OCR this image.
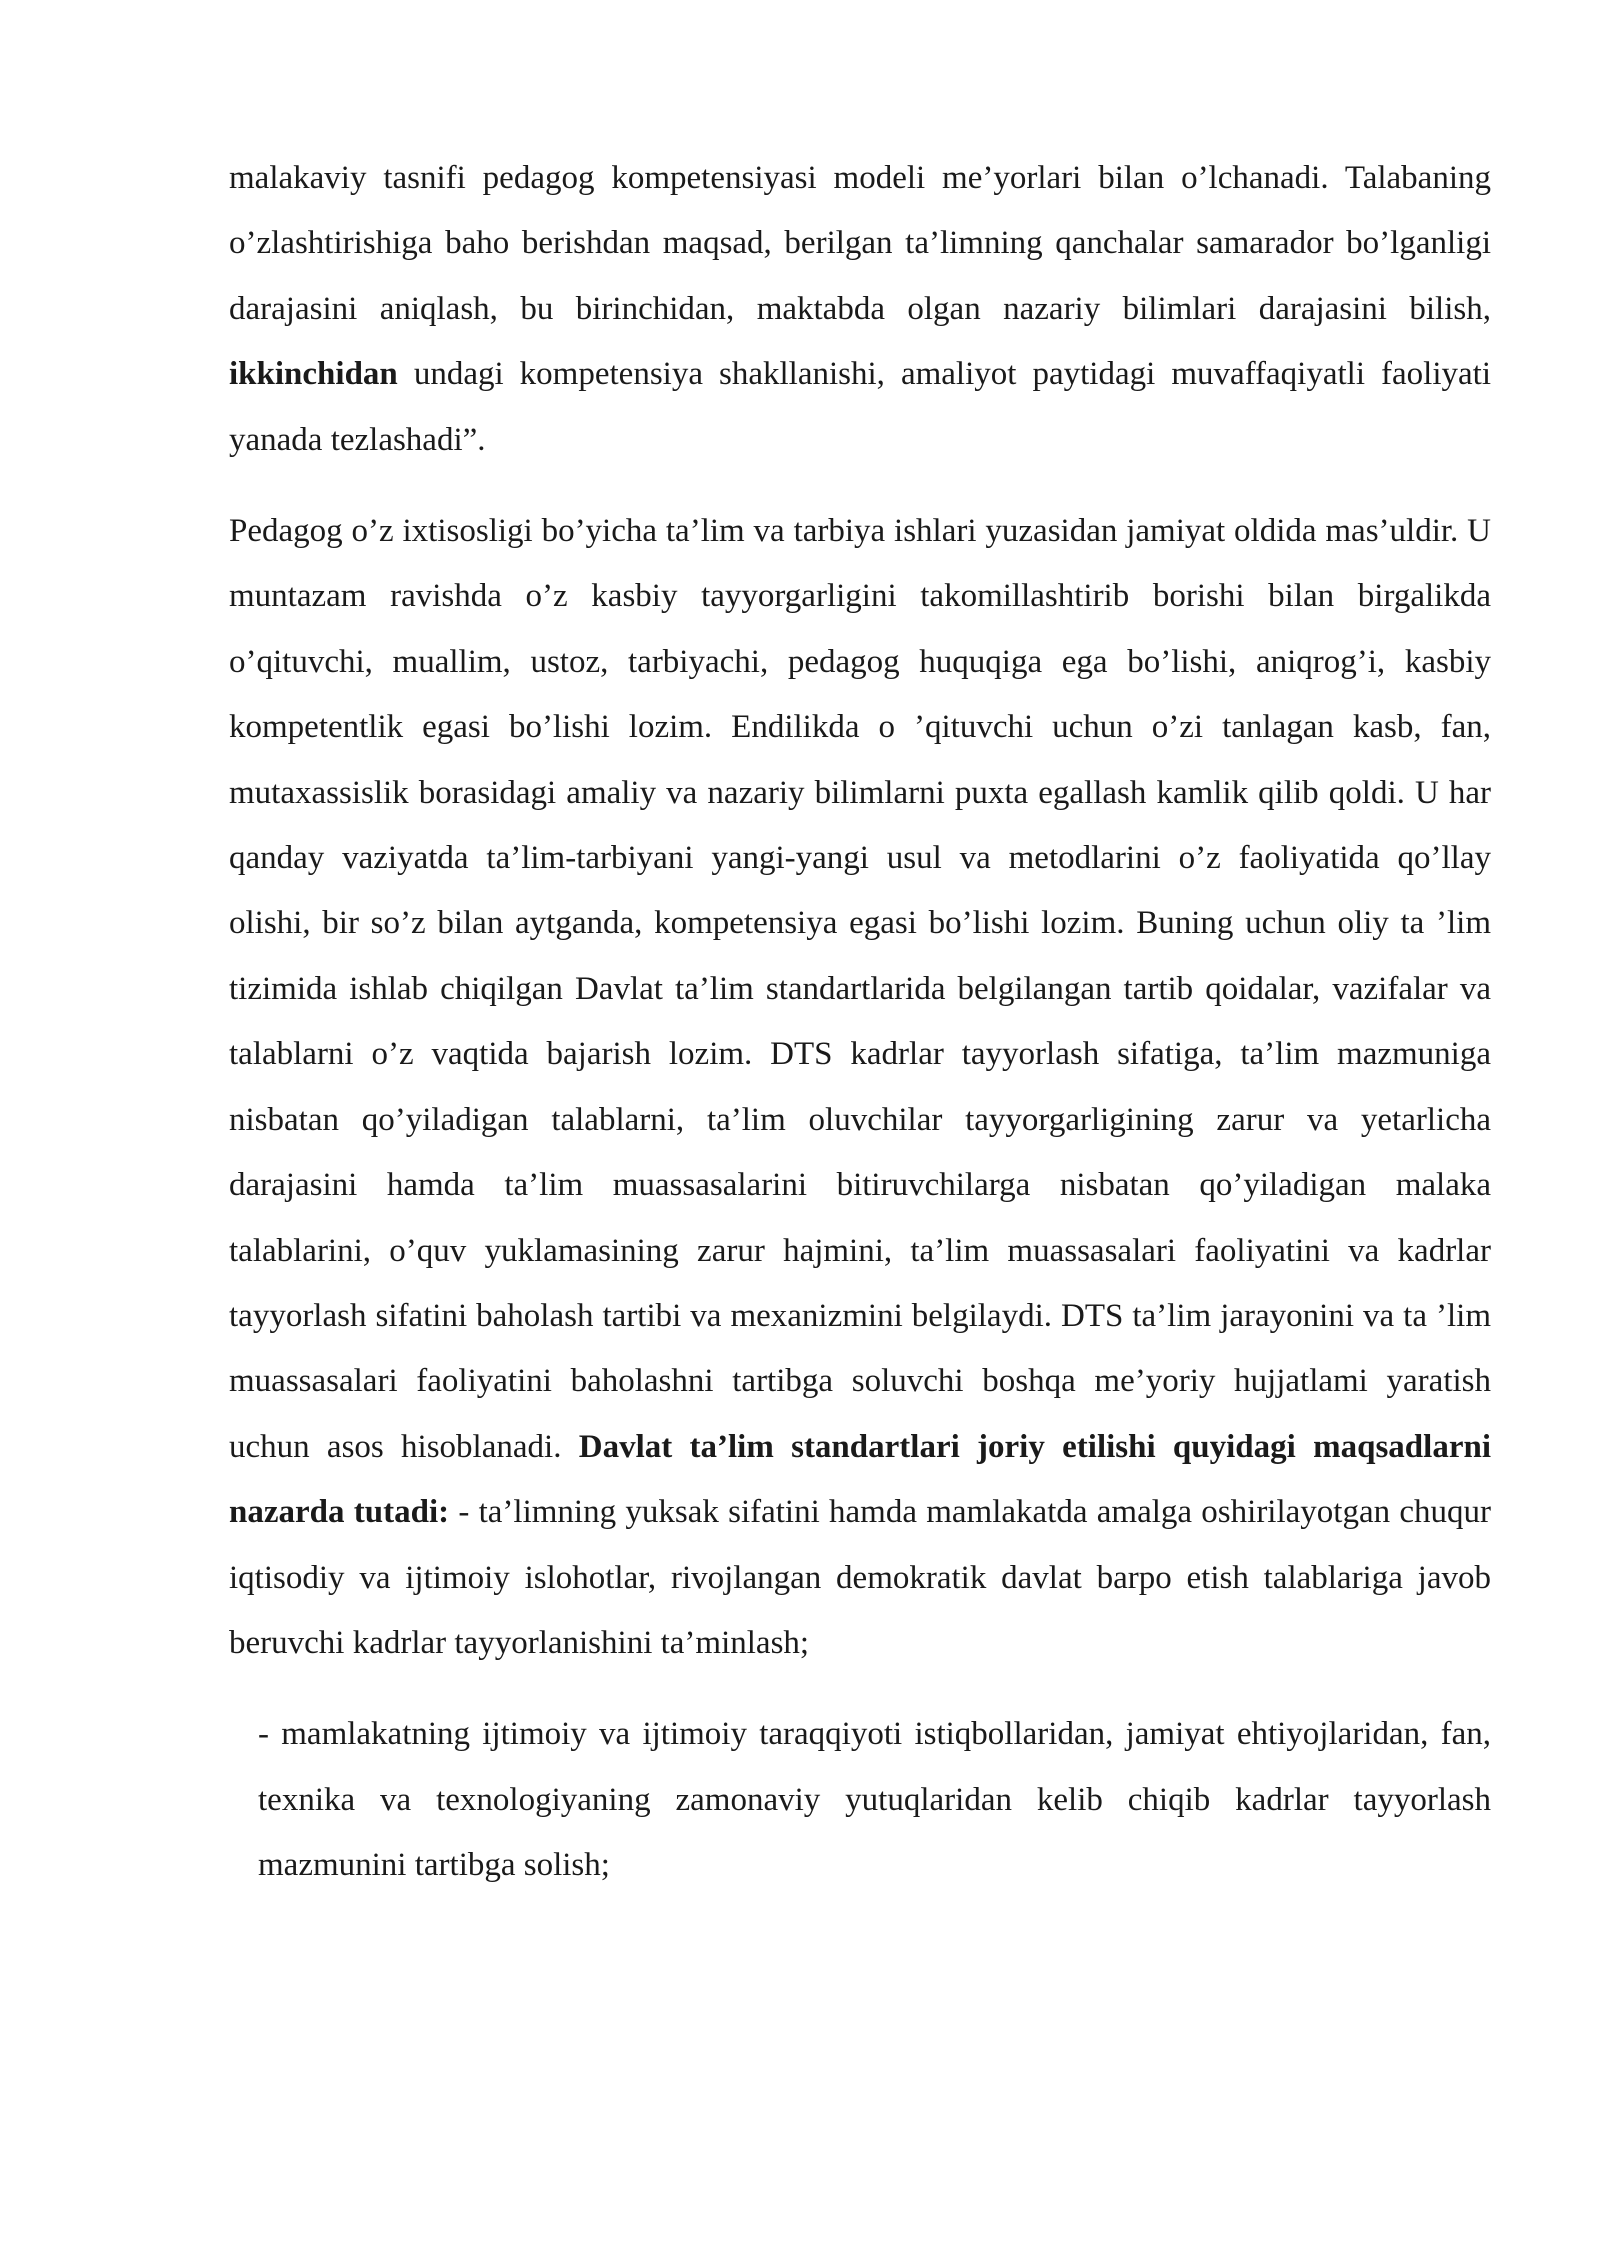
malakaviy tasnifi pedagog kompetensiyasi modeli me’yorlari bilan o’lchanadi. Talabaning o’zlashtirishiga baho berishdan maqsad, berilgan ta’limning qanchalar samarador bo’lganligi darajasini aniqlash, bu birinchidan, maktabda olgan nazariy bilimlari darajasini bilish, ikkinchidan undagi kompetensiya shakllanishi, amaliyot paytidagi muvaffaqiyatli faoliyati yanada tezlashadi”.

Pedagog o’z ixtisosligi bo’yicha ta’lim va tarbiya ishlari yuzasidan jamiyat oldida mas’uldir. U muntazam ravishda o’z kasbiy tayyorgarligini takomillashtirib borishi bilan birgalikda o’qituvchi, muallim, ustoz, tarbiyachi, pedagog huquqiga ega bo’lishi, aniqrog’i, kasbiy kompetentlik egasi bo’lishi lozim. Endilikda o ’qituvchi uchun o’zi tanlagan kasb, fan, mutaxassislik borasidagi amaliy va nazariy bilimlarni puxta egallash kamlik qilib qoldi. U har qanday vaziyatda ta’lim-tarbiyani yangi-yangi usul va metodlarini o’z faoliyatida qo’llay olishi, bir so’z bilan aytganda, kompetensiya egasi bo’lishi lozim. Buning uchun oliy ta ’lim tizimida ishlab chiqilgan Davlat ta’lim standartlarida belgilangan tartib qoidalar, vazifalar va talablarni o’z vaqtida bajarish lozim. DTS kadrlar tayyorlash sifatiga, ta’lim mazmuniga nisbatan qo’yiladigan talablarni, ta’lim oluvchilar tayyorgarligining zarur va yetarlicha darajasini hamda ta’lim muassasalarini bitiruvchilarga nisbatan qo’yiladigan malaka talablarini, o’quv yuklamasining zarur hajmini, ta’lim muassasalari faoliyatini va kadrlar tayyorlash sifatini baholash tartibi va mexanizmini belgilaydi. DTS ta’lim jarayonini va ta ’lim muassasalari faoliyatini baholashni tartibga soluvchi boshqa me’yoriy hujjatlami yaratish uchun asos hisoblanadi. Davlat ta’lim standartlari joriy etilishi quyidagi maqsadlarni nazarda tutadi: - ta’limning yuksak sifatini hamda mamlakatda amalga oshirilayotgan chuqur iqtisodiy va ijtimoiy islohotlar, rivojlangan demokratik davlat barpo etish talablariga javob beruvchi kadrlar tayyorlanishini ta’minlash;

- mamlakatning ijtimoiy va ijtimoiy taraqqiyoti istiqbollaridan, jamiyat ehtiyojlaridan, fan, texnika va texnologiyaning zamonaviy yutuqlaridan kelib chiqib kadrlar tayyorlash mazmunini tartibga solish;
